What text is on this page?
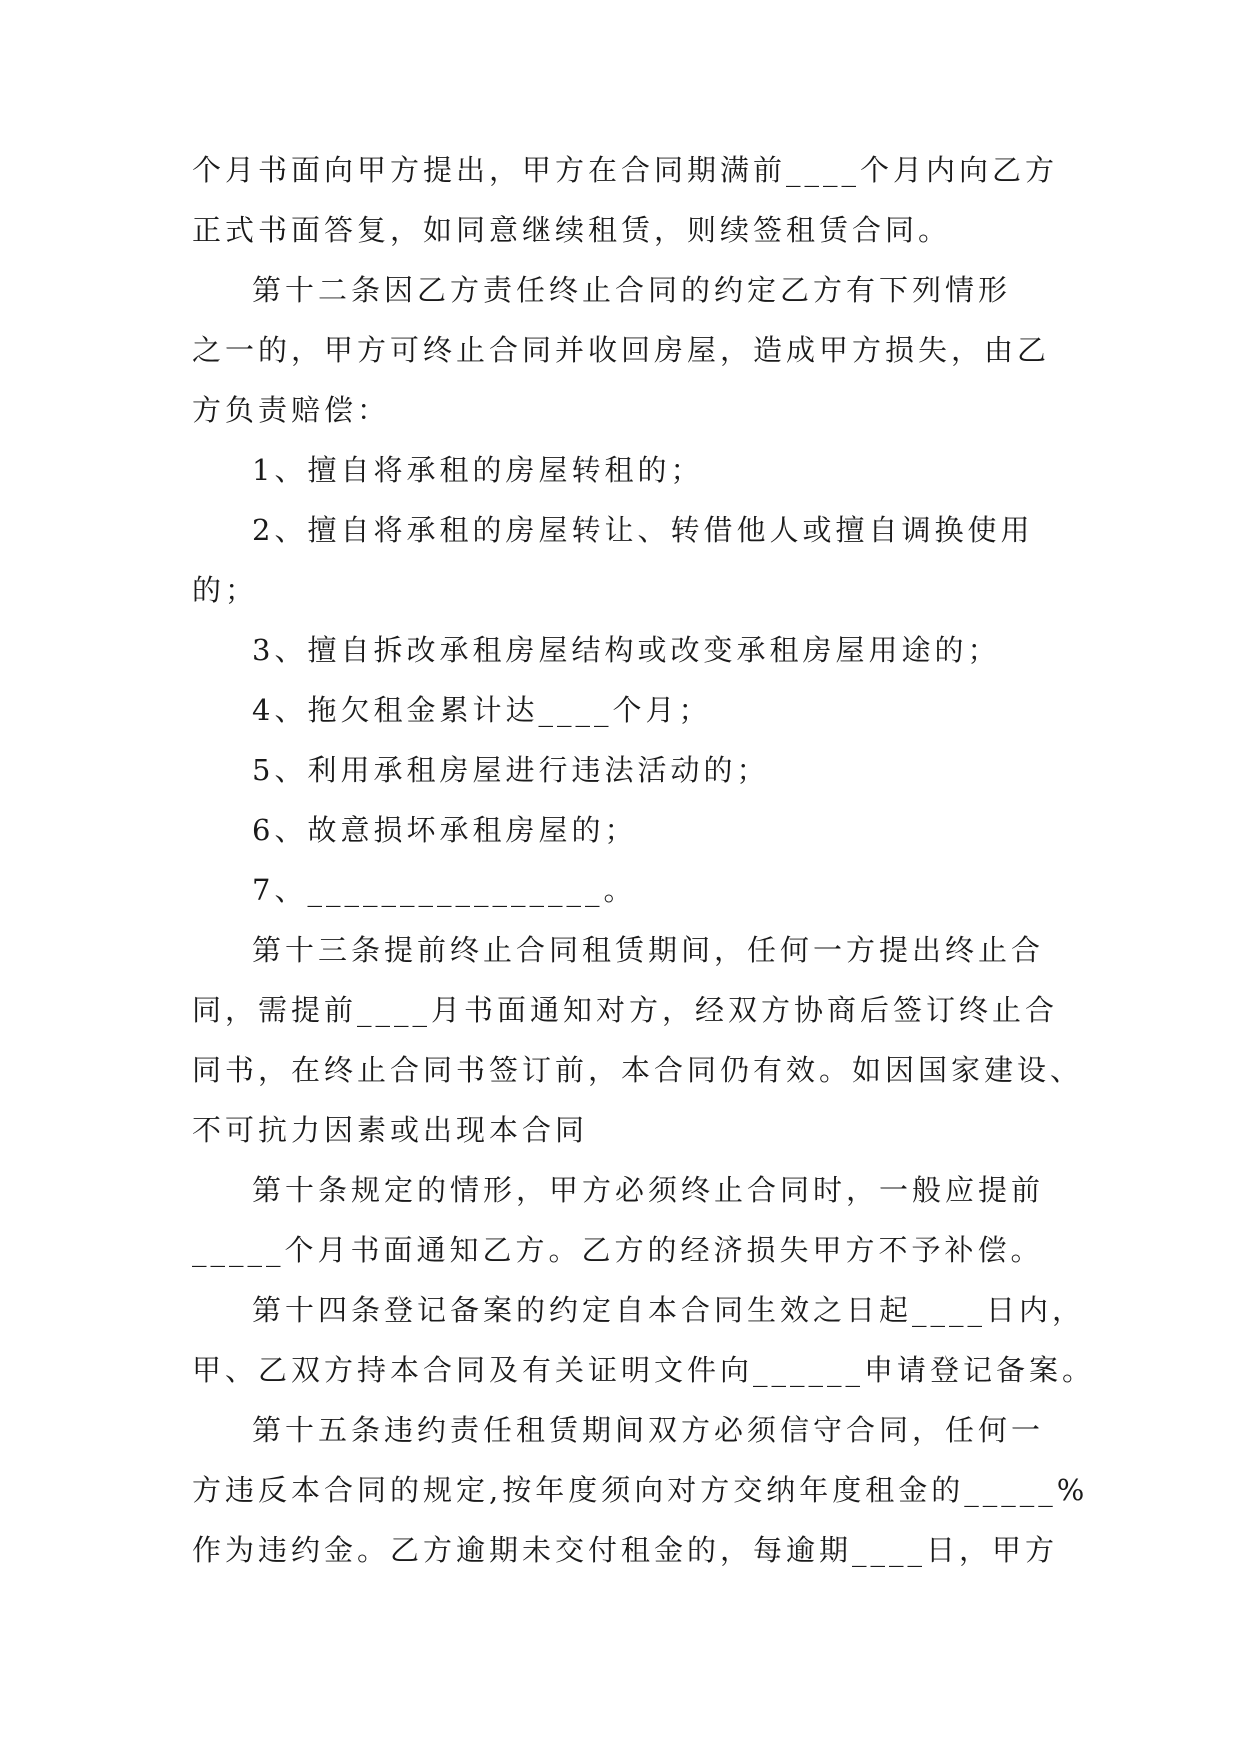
个月书面向甲方提出，甲方在合同期满前____个月内向乙方
正式书面答复，如同意继续租赁，则续签租赁合同。
第十二条因乙方责任终止合同的约定乙方有下列情形
之一的，甲方可终止合同并收回房屋，造成甲方损失，由乙
方负责赔偿：
1、擅自将承租的房屋转租的；
2、擅自将承租的房屋转让、转借他人或擅自调换使用
的；
3、擅自拆改承租房屋结构或改变承租房屋用途的；
4、拖欠租金累计达____个月；
5、利用承租房屋进行违法活动的；
6、故意损坏承租房屋的；
7、________________。
第十三条提前终止合同租赁期间，任何一方提出终止合
同，需提前____月书面通知对方，经双方协商后签订终止合
同书，在终止合同书签订前，本合同仍有效。如因国家建设、
不可抗力因素或出现本合同
第十条规定的情形，甲方必须终止合同时，一般应提前
_____个月书面通知乙方。乙方的经济损失甲方不予补偿。
第十四条登记备案的约定自本合同生效之日起____日内，
甲、乙双方持本合同及有关证明文件向______申请登记备案。
第十五条违约责任租赁期间双方必须信守合同，任何一
方违反本合同的规定,按年度须向对方交纳年度租金的_____%
作为违约金。乙方逾期未交付租金的，每逾期____日，甲方
